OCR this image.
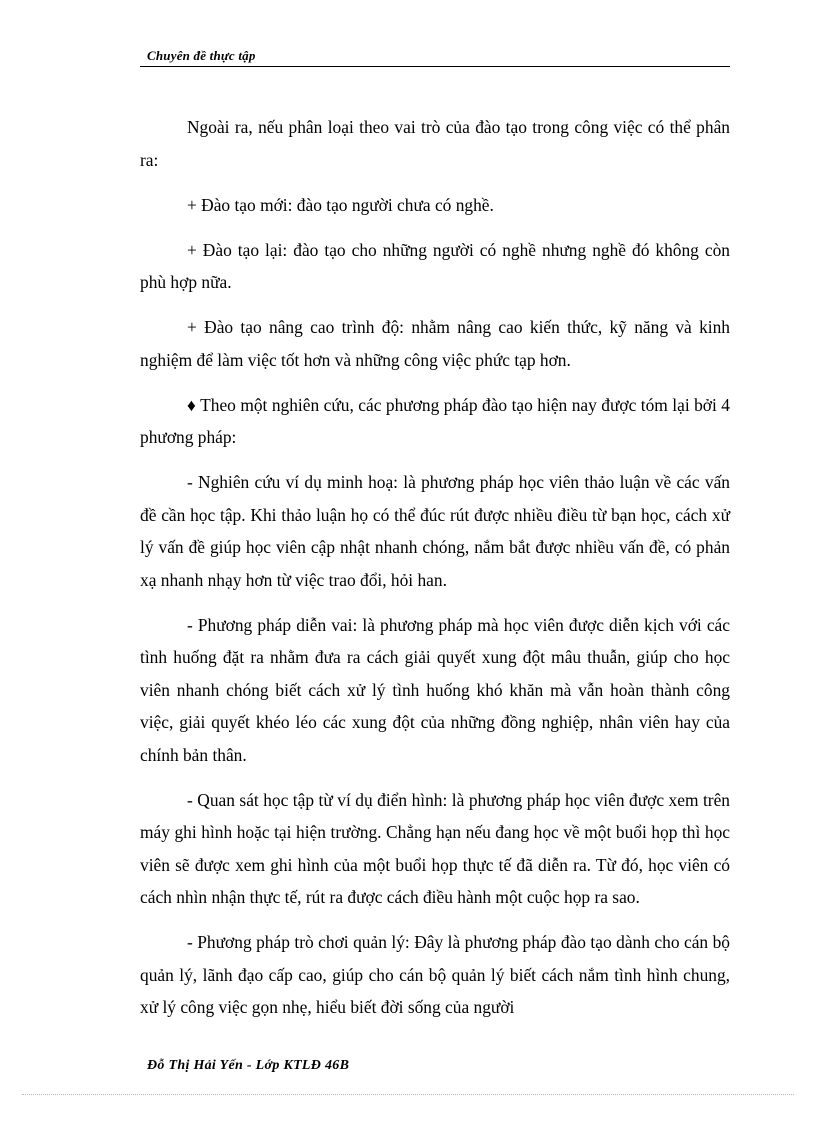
Chuyên đề thực tập

Ngoài ra, nếu phân loại theo vai trò của đào tạo trong công việc có thể phân ra:

+ Đào tạo mới: đào tạo người chưa có nghề.

+ Đào tạo lại: đào tạo cho những người có nghề nhưng nghề đó không còn phù hợp nữa.

+ Đào tạo nâng cao trình độ: nhằm nâng cao kiến thức, kỹ năng và kinh nghiệm để làm việc tốt hơn và những công việc phức tạp hơn.

♦ Theo một nghiên cứu, các phương pháp đào tạo hiện nay được tóm lại bởi 4 phương pháp:

- Nghiên cứu ví dụ minh hoạ: là phương pháp học viên thảo luận về các vấn đề cần học tập. Khi thảo luận họ có thể đúc rút được nhiều điều từ bạn học, cách xử lý vấn đề giúp học viên cập nhật nhanh chóng, nắm bắt được nhiều vấn đề, có phản xạ nhanh nhạy hơn từ việc trao đổi, hỏi han.

- Phương pháp diễn vai: là phương pháp mà học viên được diễn kịch với các tình huống đặt ra nhằm đưa ra cách giải quyết xung đột mâu thuẫn, giúp cho học viên nhanh chóng biết cách xử lý tình huống khó khăn mà vẫn hoàn thành công việc, giải quyết khéo léo các xung đột của những đồng nghiệp, nhân viên hay của chính bản thân.

- Quan sát học tập từ ví dụ điển hình: là phương pháp học viên được xem trên máy ghi hình hoặc tại hiện trường. Chẳng hạn nếu đang học về một buổi họp thì học viên sẽ được xem ghi hình của một buổi họp thực tế đã diễn ra. Từ đó, học viên có cách nhìn nhận thực tế, rút ra được cách điều hành một cuộc họp ra sao.

- Phương pháp trò chơi quản lý: Đây là phương pháp đào tạo dành cho cán bộ quản lý, lãnh đạo cấp cao, giúp cho cán bộ quản lý biết cách nắm tình hình chung, xử lý công việc gọn nhẹ, hiểu biết đời sống của người

Đỗ Thị Hải Yến - Lớp KTLĐ 46B
